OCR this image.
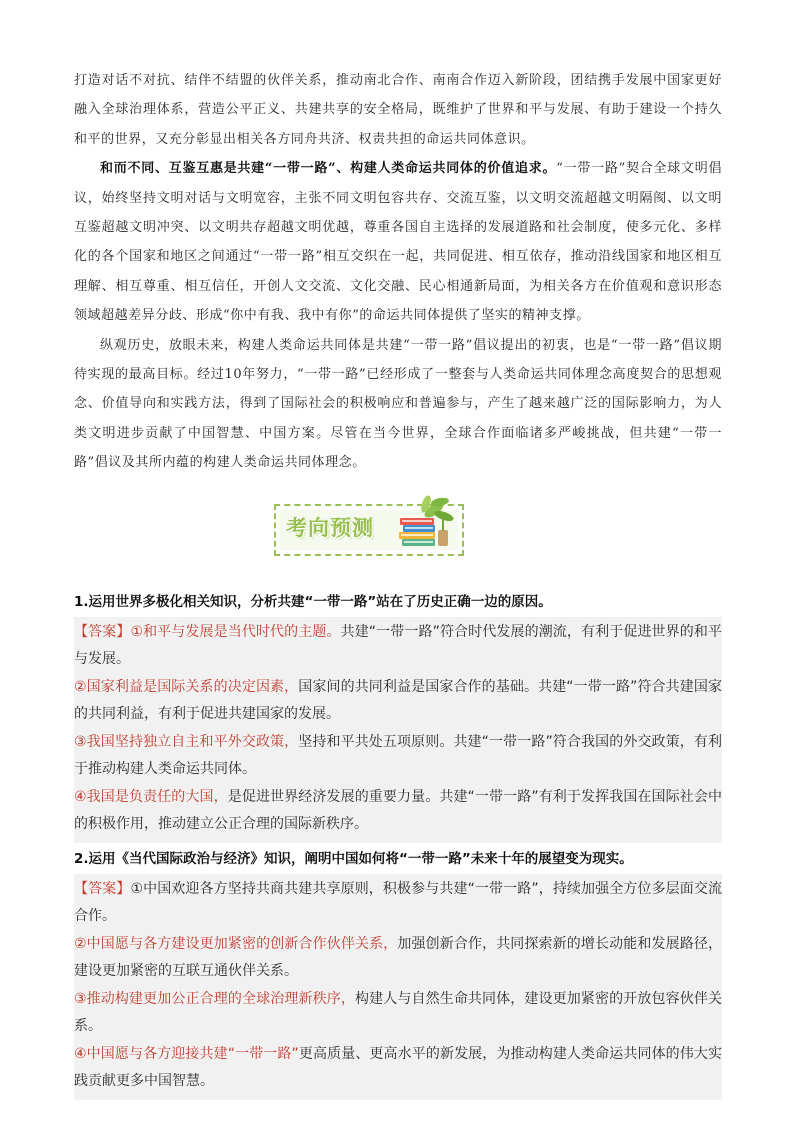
打造对话不对抗、结伴不结盟的伙伴关系，推动南北合作、南南合作迈入新阶段，团结携手发展中国家更好融入全球治理体系，营造公平正义、共建共享的安全格局，既维护了世界和平与发展、有助于建设一个持久和平的世界，又充分彰显出相关各方同舟共济、权责共担的命运共同体意识。

和而不同、互鉴互惠是共建“一带一路”、构建人类命运共同体的价值追求。“一带一路”契合全球文明倡议，始终坚持文明对话与文明宽容，主张不同文明包容共存、交流互鉴，以文明交流超越文明隔阂、以文明互鉴超越文明冲突、以文明共存超越文明优越，尊重各国自主选择的发展道路和社会制度，使多元化、多样化的各个国家和地区之间通过“一带一路”相互交织在一起，共同促进、相互依存，推动沿线国家和地区相互理解、相互尊重、相互信任，开创人文交流、文化交融、民心相通新局面，为相关各方在价值观和意识形态领域超越差异分歧、形成“你中有我、我中有你”的命运共同体提供了坚实的精神支撑。

纵观历史，放眼未来，构建人类命运共同体是共建“一带一路”倡议提出的初衷，也是“一带一路”倡议期待实现的最高目标。经过10年努力，“一带一路”已经形成了一整套与人类命运共同体理念高度契合的思想观念、价值导向和实践方法，得到了国际社会的积极响应和普遍参与，产生了越来越广泛的国际影响力，为人类文明进步贡献了中国智慧、中国方案。尽管在当今世界，全球合作面临诸多严峻挑战，但共建“一带一路”倡议及其所内蕴的构建人类命运共同体理念。

考向预测

1.运用世界多极化相关知识，分析共建“一带一路”站在了历史正确一边的原因。

【答案】①和平与发展是当代时代的主题。共建“一带一路”符合时代发展的潮流，有利于促进世界的和平与发展。

②国家利益是国际关系的决定因素，国家间的共同利益是国家合作的基础。共建“一带一路”符合共建国家的共同利益，有利于促进共建国家的发展。

③我国坚持独立自主和平外交政策，坚持和平共处五项原则。共建“一带一路”符合我国的外交政策，有利于推动构建人类命运共同体。

④我国是负责任的大国，是促进世界经济发展的重要力量。共建“一带一路”有利于发挥我国在国际社会中的积极作用，推动建立公正合理的国际新秩序。

2.运用《当代国际政治与经济》知识，阐明中国如何将“一带一路”未来十年的展望变为现实。

【答案】①中国欢迎各方坚持共商共建共享原则，积极参与共建“一带一路”，持续加强全方位多层面交流合作。

②中国愿与各方建设更加紧密的创新合作伙伴关系，加强创新合作，共同探索新的增长动能和发展路径，建设更加紧密的互联互通伙伴关系。

③推动构建更加公正合理的全球治理新秩序，构建人与自然生命共同体，建设更加紧密的开放包容伙伴关系。

④中国愿与各方迎接共建“一带一路”更高质量、更高水平的新发展，为推动构建人类命运共同体的伟大实践贡献更多中国智慧。
